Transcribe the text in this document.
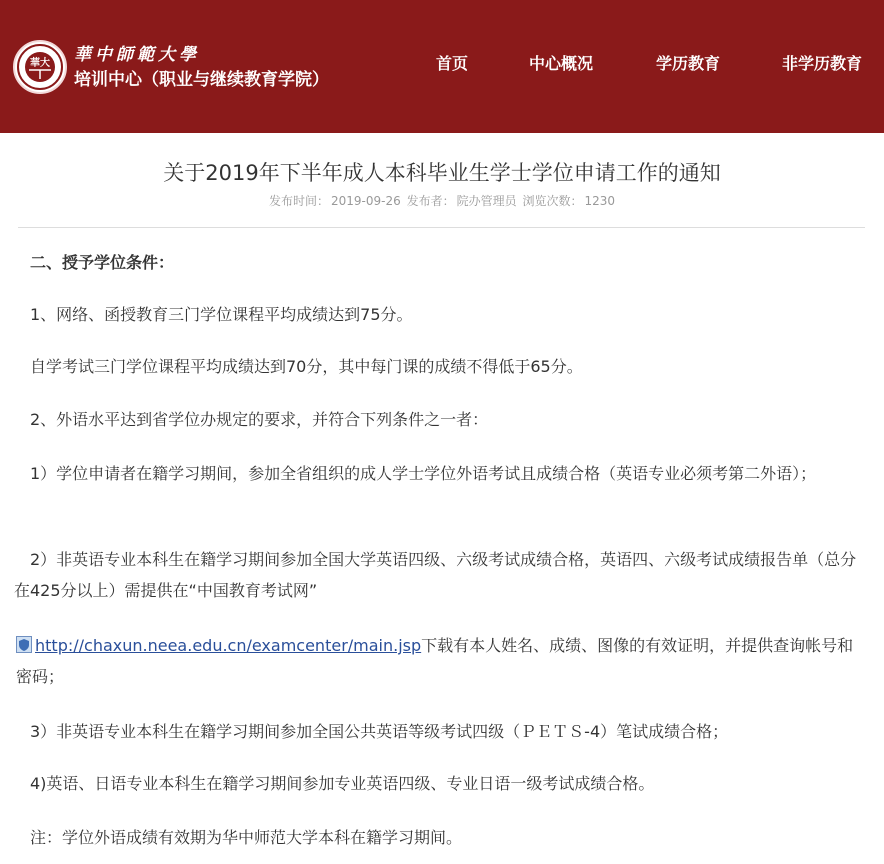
華大 華中師範大學
培训中心（职业与继续教育学院）
首页	中心概况	学历教育	非学历教育
关于2019年下半年成人本科毕业生学士学位申请工作的通知
发布时间： 2019-09-26 发布者： 院办管理员 浏览次数： 1230
　二、授予学位条件：
　1、网络、函授教育三门学位课程平均成绩达到75分。
　自学考试三门学位课程平均成绩达到70分，其中每门课的成绩不得低于65分。
　2、外语水平达到省学位办规定的要求，并符合下列条件之一者：
　1）学位申请者在籍学习期间，参加全省组织的成人学士学位外语考试且成绩合格（英语专业必须考第二外语）；
　2）非英语专业本科生在籍学习期间参加全国大学英语四级、六级考试成绩合格，英语四、六级考试成绩报告单（总分在425分以上）需提供在“中国教育考试网”
http://chaxun.neea.edu.cn/examcenter/main.jsp下载有本人姓名、成绩、图像的有效证明，并提供查询帐号和密码；
　3）非英语专业本科生在籍学习期间参加全国公共英语等级考试四级（ＰＥＴＳ-4）笔试成绩合格；
　4)英语、日语专业本科生在籍学习期间参加专业英语四级、专业日语一级考试成绩合格。
　注：学位外语成绩有效期为华中师范大学本科在籍学习期间。
